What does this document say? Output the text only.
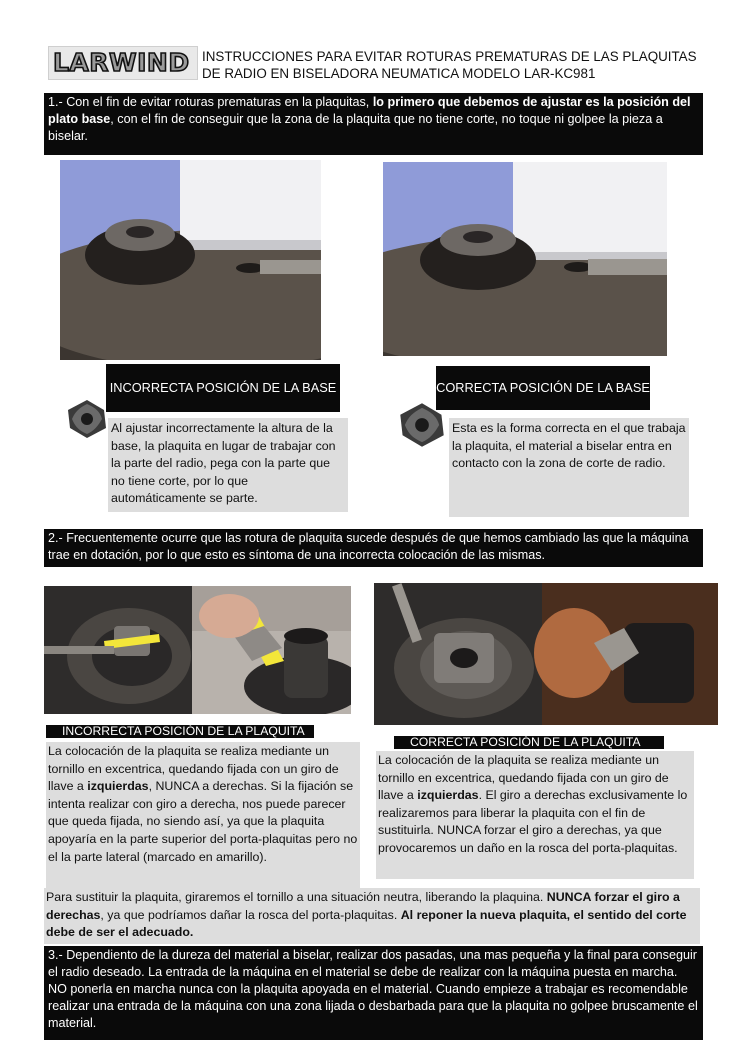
LARWIND INSTRUCCIONES PARA EVITAR ROTURAS PREMATURAS DE LAS PLAQUITAS
DE RADIO EN BISELADORA NEUMATICA MODELO LAR-KC981
1.- Con el fin de evitar roturas prematuras en la plaquitas, lo primero que debemos de ajustar es la posición del plato base, con el fin de conseguir que la zona de la plaquita que no tiene corte, no toque ni golpee la pieza a biselar.
INCORRECTA POSICIÓN DE LA BASE	CORRECTA POSICIÓN DE LA BASE
Al ajustar incorrectamente la altura de la base, la plaquita en lugar de trabajar con la parte del radio, pega con la parte que no tiene corte, por lo que automáticamente se parte.
Esta es la forma correcta en el que trabaja la plaquita, el material a biselar entra en contacto con la zona de corte de radio.
2.- Frecuentemente ocurre que las rotura de plaquita sucede después de que hemos cambiado las que la máquina trae en dotación, por lo que esto es síntoma de una incorrecta colocación de las mismas.
INCORRECTA POSICIÓN DE LA PLAQUITA
CORRECTA POSICIÓN DE LA PLAQUITA
La colocación de la plaquita se realiza mediante un tornillo en excentrica, quedando fijada con un giro de llave a izquierdas, NUNCA a derechas. Si la fijación se intenta realizar con giro a derecha, nos puede parecer que queda fijada, no siendo así, ya que la plaquita apoyaría en la parte superior del porta-plaquitas pero no el la parte lateral (marcado en amarillo).
La colocación de la plaquita se realiza mediante un tornillo en excentrica, quedando fijada con un giro de llave a izquierdas. El giro a derechas exclusivamente lo realizaremos para liberar la plaquita con el fin de sustituirla. NUNCA forzar el giro a derechas, ya que provocaremos un daño en la rosca del porta-plaquitas.
Para sustituir la plaquita, giraremos el tornillo a una situación neutra, liberando la plaquina. NUNCA forzar el giro a derechas, ya que podríamos dañar la rosca del porta-plaquitas. Al reponer la nueva plaquita, el sentido del corte debe de ser el adecuado.
3.- Dependiento de la dureza del material a biselar, realizar dos pasadas, una mas pequeña y la final para conseguir el radio deseado. La entrada de la máquina en el material se debe de realizar con la máquina puesta en marcha. NO ponerla en marcha nunca con la plaquita apoyada en el material. Cuando empieze a trabajar es recomendable realizar una entrada de la máquina con una zona lijada o desbarbada para que la plaquita no golpee bruscamente el material.
